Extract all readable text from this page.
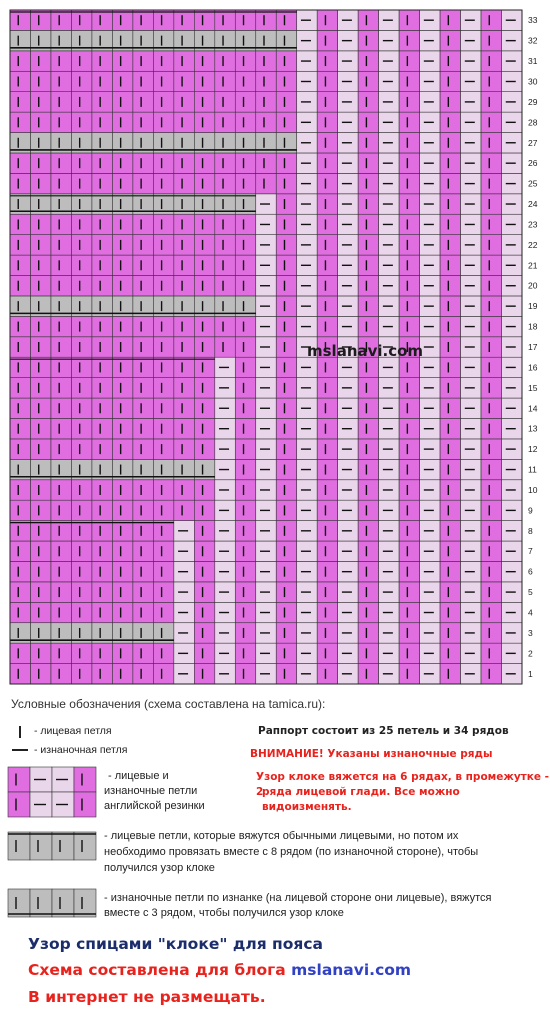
1
2
3
4
5
6
7
8
9
10
11
12
13
14
15
16
17
18
19
20
21
22
23
24
25
26
27
28
29
30
31
32
33
mslanavi.com
Условные обозначения (схема составлена на tamica.ru):
- лицевая петля
- изнаночная петля
- лицевые и
изнаночные петли
английской резинки
- лицевые петли, которые вяжутся обычными лицевыми, но потом их
необходимо провязать вместе с 8 рядом (по изнаночной стороне), чтобы
получился узор клоке
- изнаночные петли по изнанке (на лицевой стороне они лицевые), вяжутся
вместе с 3 рядом, чтобы получился узор клоке
Раппорт состоит из 25 петель и 34 рядов
ВНИМАНИЕ! Указаны изнаночные ряды
Узор клоке вяжется на 6 рядах, в промежутке - 2
ряда лицевой глади. Все можно видоизменять.
Узор спицами "клоке" для пояса
Схема составлена для блога mslanavi.com
В интернет не размещать.
